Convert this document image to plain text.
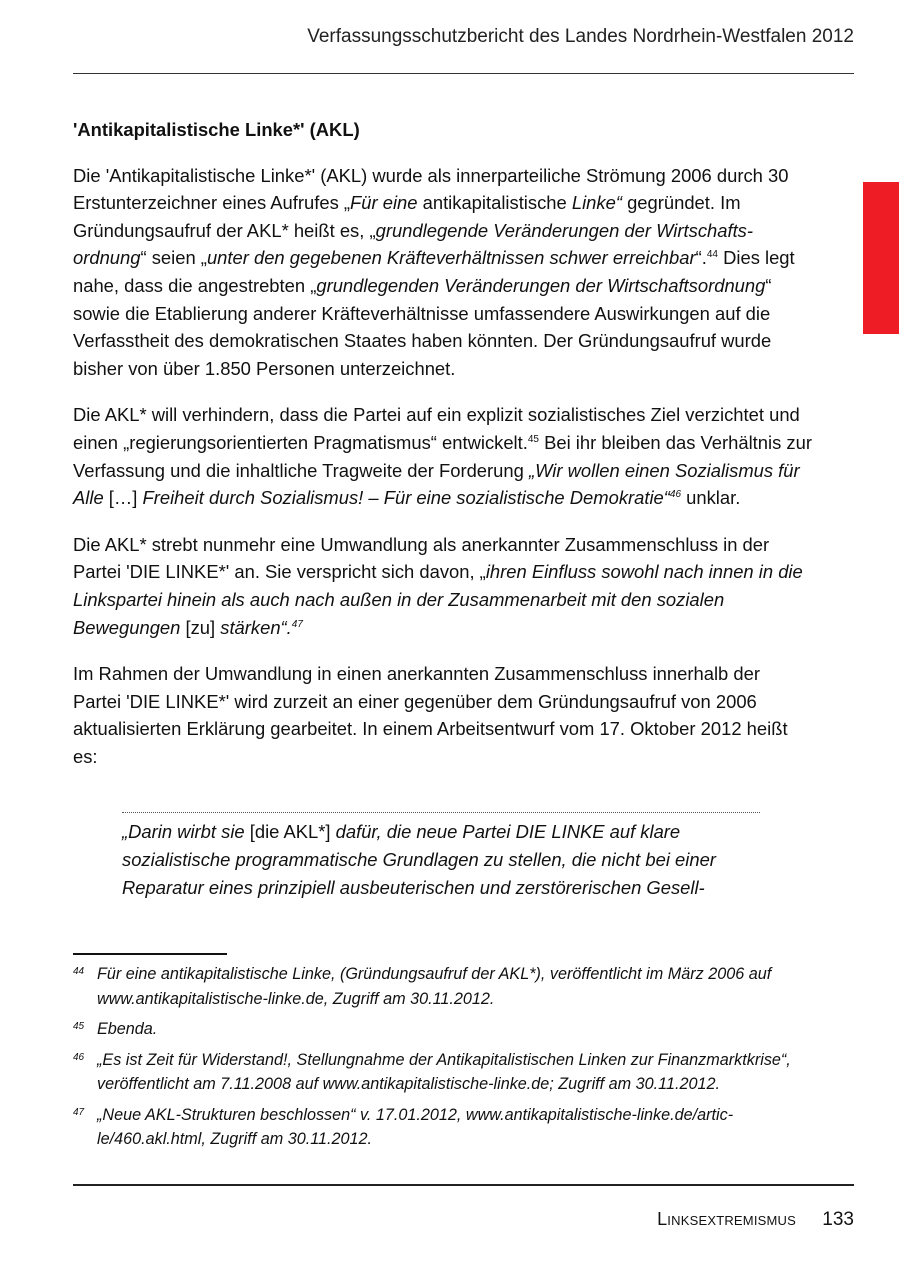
Verfassungsschutzbericht des Landes Nordrhein-Westfalen 2012
'Antikapitalistische Linke*' (AKL)

Die 'Antikapitalistische Linke*' (AKL) wurde als innerparteiliche Strömung 2006 durch 30 Erstunterzeichner eines Aufrufes „Für eine antikapitalistische Linke“ gegründet. Im Gründungsaufruf der AKL* heißt es, „grundlegende Veränderungen der Wirtschaftsordnung“ seien „unter den gegebenen Kräfteverhältnissen schwer erreichbar“.$^{44}$ Dies legt nahe, dass die angestrebten „grundlegenden Veränderungen der Wirtschaftsordnung“ sowie die Etablierung anderer Kräfteverhältnisse umfassendere Auswirkungen auf die Verfasstheit des demokratischen Staates haben könnten. Der Gründungsaufruf wurde bisher von über 1.850 Personen unterzeichnet.

Die AKL* will verhindern, dass die Partei auf ein explizit sozialistisches Ziel verzichtet und einen „regierungsorientierten Pragmatismus“ entwickelt.$^{45}$ Bei ihr bleiben das Verhältnis zur Verfassung und die inhaltliche Tragweite der Forderung „Wir wollen einen Sozialismus für Alle […] Freiheit durch Sozialismus! – Für eine sozialistische Demokratie“$^{46}$ unklar.

Die AKL* strebt nunmehr eine Umwandlung als anerkannter Zusammenschluss in der Partei 'DIE LINKE*' an. Sie verspricht sich davon, „ihren Einfluss sowohl nach innen in die Linkspartei hinein als auch nach außen in der Zusammenarbeit mit den sozialen Bewegungen [zu] stärken“.$^{47}$

Im Rahmen der Umwandlung in einen anerkannten Zusammenschluss innerhalb der Partei 'DIE LINKE*' wird zurzeit an einer gegenüber dem Gründungsaufruf von 2006 aktualisierten Erklärung gearbeitet. In einem Arbeitsentwurf vom 17. Oktober 2012 heißt es:

„Darin wirbt sie [die AKL*] dafür, die neue Partei DIE LINKE auf klare sozialistische programmatische Grundlagen zu stellen, die nicht bei einer Reparatur eines prinzipiell ausbeuterischen und zerstörerischen Gesell-
44 Für eine antikapitalistische Linke, (Gründungsaufruf der AKL*), veröffentlicht im März 2006 auf www.antikapitalistische-linke.de, Zugriff am 30.11.2012.
45 Ebenda.
46 „Es ist Zeit für Widerstand!, Stellungnahme der Antikapitalistischen Linken zur Finanzmarktkrise“, veröffentlicht am 7.11.2008 auf www.antikapitalistische-linke.de; Zugriff am 30.11.2012.
47 „Neue AKL-Strukturen beschlossen“ v. 17.01.2012, www.antikapitalistische-linke.de/article/460.akl.html, Zugriff am 30.11.2012.
Linksextremismus 133
